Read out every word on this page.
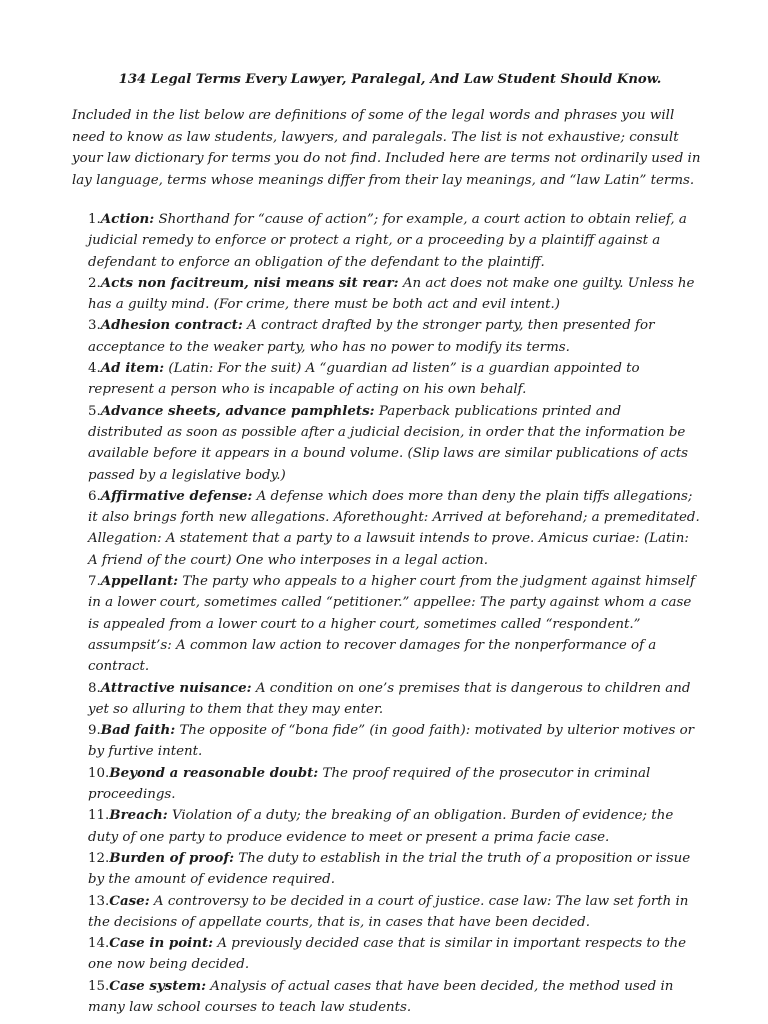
134 Legal Terms Every Lawyer, Paralegal, And Law Student Should Know.

Included in the list below are definitions of some of the legal words and phrases you will need to know as law students, lawyers, and paralegals. The list is not exhaustive; consult your law dictionary for terms you do not find. Included here are terms not ordinarily used in lay language, terms whose meanings differ from their lay meanings, and “law Latin” terms.

1.Action: Shorthand for “cause of action”; for example, a court action to obtain relief, a judicial remedy to enforce or protect a right, or a proceeding by a plaintiff against a defendant to enforce an obligation of the defendant to the plaintiff.
2.Acts non facitreum, nisi means sit rear: An act does not make one guilty. Unless he has a guilty mind. (For crime, there must be both act and evil intent.)
3.Adhesion contract: A contract drafted by the stronger party, then presented for acceptance to the weaker party, who has no power to modify its terms.
4.Ad item: (Latin: For the suit) A “guardian ad listen” is a guardian appointed to represent a person who is incapable of acting on his own behalf.
5.Advance sheets, advance pamphlets: Paperback publications printed and distributed as soon as possible after a judicial decision, in order that the information be available before it appears in a bound volume. (Slip laws are similar publications of acts passed by a legislative body.)
6.Affirmative defense: A defense which does more than deny the plain tiffs allegations; it also brings forth new allegations. Aforethought: Arrived at beforehand; a premeditated. Allegation: A statement that a party to a lawsuit intends to prove. Amicus curiae: (Latin: A friend of the court) One who interposes in a legal action.
7.Appellant: The party who appeals to a higher court from the judgment against himself in a lower court, sometimes called “petitioner.” appellee: The party against whom a case is appealed from a lower court to a higher court, sometimes called “respondent.” assumpsit’s: A common law action to recover damages for the nonperformance of a contract.
8.Attractive nuisance: A condition on one’s premises that is dangerous to children and yet so alluring to them that they may enter.
9.Bad faith: The opposite of “bona fide” (in good faith): motivated by ulterior motives or by furtive intent.
10.Beyond a reasonable doubt: The proof required of the prosecutor in criminal proceedings.
11.Breach: Violation of a duty; the breaking of an obligation. Burden of evidence; the duty of one party to produce evidence to meet or present a prima facie case.
12.Burden of proof: The duty to establish in the trial the truth of a proposition or issue by the amount of evidence required.
13.Case: A controversy to be decided in a court of justice. case law: The law set forth in the decisions of appellate courts, that is, in cases that have been decided.
14.Case in point: A previously decided case that is similar in important respects to the one now being decided.
15.Case system: Analysis of actual cases that have been decided, the method used in many law school courses to teach law students.
